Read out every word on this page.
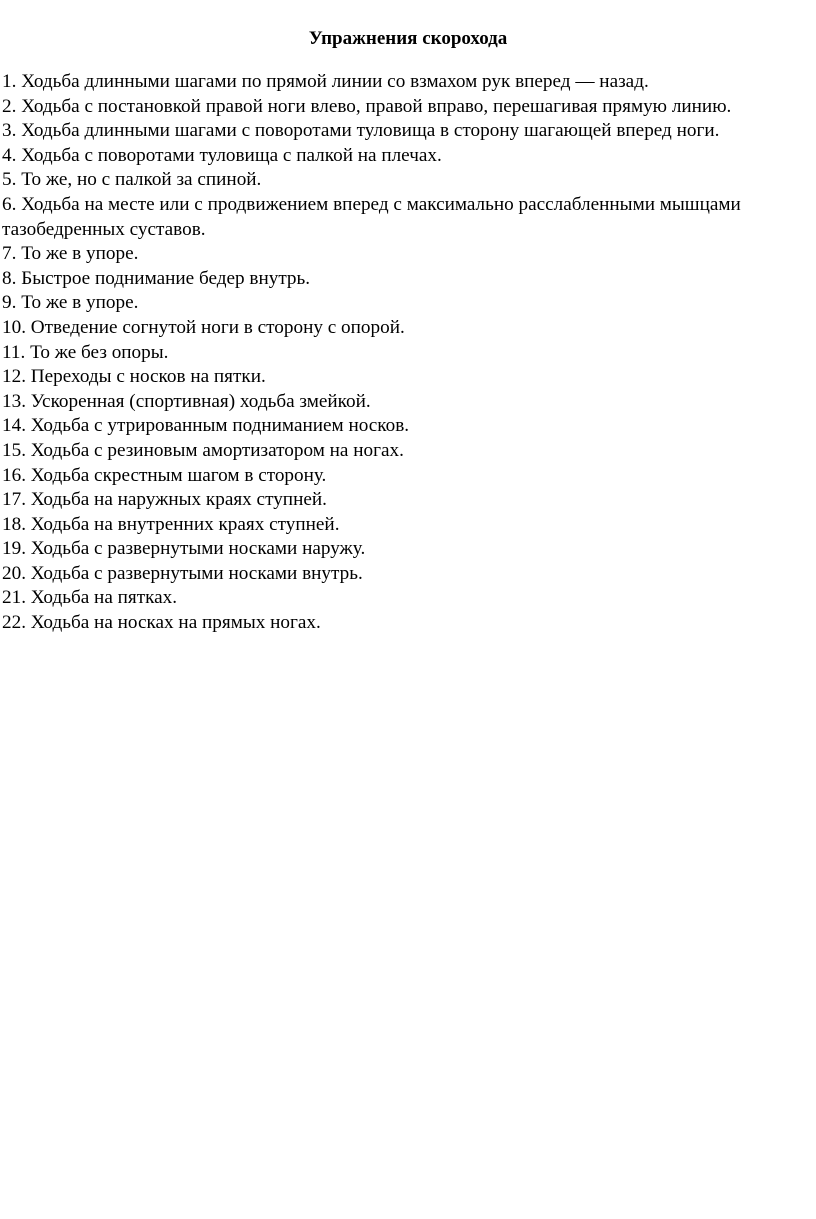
Упражнения скорохода
1. Ходьба длинными шагами по прямой линии со взмахом рук вперед — назад.
2. Ходьба с постановкой правой ноги влево, правой вправо, перешагивая прямую линию.
3. Ходьба длинными шагами с поворотами туловища в сторону шагающей вперед ноги.
4. Ходьба с поворотами туловища с палкой на плечах.
5. То же, но с палкой за спиной.
6. Ходьба на месте или с продвижением вперед с максимально расслабленными мышцами тазобедренных суставов.
7. То же в упоре.
8. Быстрое поднимание бедер внутрь.
9. То же в упоре.
10. Отведение согнутой ноги в сторону с опорой.
11. То же без опоры.
12. Переходы с носков на пятки.
13. Ускоренная (спортивная) ходьба змейкой.
14. Ходьба с утрированным подниманием носков.
15. Ходьба с резиновым амортизатором на ногах.
16. Ходьба скрестным шагом в сторону.
17. Ходьба на наружных краях ступней.
18. Ходьба на внутренних краях ступней.
19. Ходьба с развернутыми носками наружу.
20. Ходьба с развернутыми носками внутрь.
21. Ходьба на пятках.
22. Ходьба на носках на прямых ногах.
